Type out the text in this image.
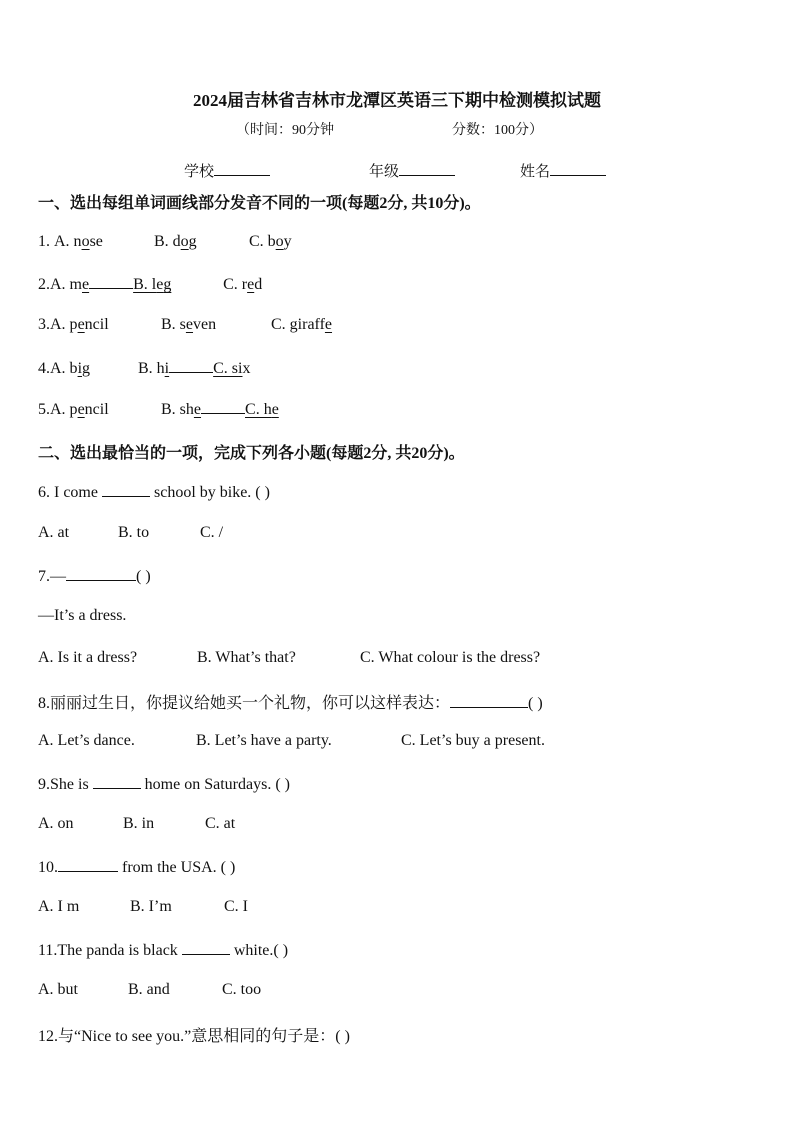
2024届吉林省吉林市龙潭区英语三下期中检测模拟试题
（时间：90分钟	分数：100分）
学校	年级	姓名
一、选出每组单词画线部分发音不同的一项(每题2分, 共10分)。
1. A. nose	B. dog	C. boy
2.A. me	B. leg	C. red
3.A. pencil	B. seven	C. giraffe
4.A. big	B. hi	C. six
5.A. pencil	B. she	C. he
二、选出最恰当的一项，完成下列各小题(每题2分, 共20分)。
6. I come	school by bike. ( )
A. at	B. to	C. /
7.—	( )
—It’s a dress.
A. Is it a dress?	B. What’s that?	C. What colour is the dress?
8.丽丽过生日，你提议给她买一个礼物，你可以这样表达：	( )
A. Let’s dance.	B. Let’s have a party.	C. Let’s buy a present.
9.She is	home on Saturdays. ( )
A. on	B. in	C. at
10.	from the USA. ( )
A. I m	B. I’m	C. I
11.The panda is black	white.( )
A. but	B. and	C. too
12.与“Nice to see you.”意思相同的句子是：( )
